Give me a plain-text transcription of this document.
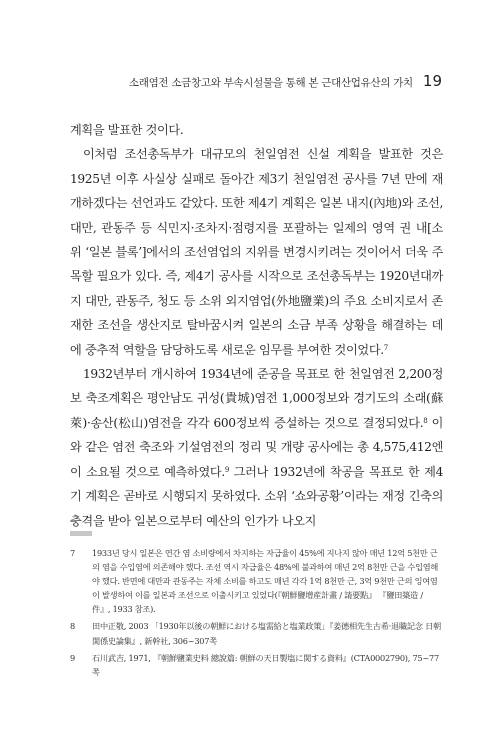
소래염전 소금창고와 부속시설물을 통해 본 근대산업유산의 가치 19

계획을 발표한 것이다.

이처럼 조선총독부가 대규모의 천일염전 신설 계획을 발표한 것은 1925년 이후 사실상 실패로 돌아간 제3기 천일염전 공사를 7년 만에 재개하겠다는 선언과도 같았다. 또한 제4기 계획은 일본 내지(內地)와 조선, 대만, 관동주 등 식민지·조차지·점령지를 포괄하는 일제의 영역 권 내[소위 ‘일본 블록’]에서의 조선염업의 지위를 변경시키려는 것이어서 더욱 주목할 필요가 있다. 즉, 제4기 공사를 시작으로 조선총독부는 1920년대까지 대만, 관동주, 청도 등 소위 외지염업(外地鹽業)의 주요 소비지로서 존재한 조선을 생산지로 탈바꿈시켜 일본의 소금 부족 상황을 해결하는 데에 중추적 역할을 담당하도록 새로운 임무를 부여한 것이었다.$^7$

1932년부터 개시하여 1934년에 준공을 목표로 한 천일염전 2,200정보 축조계획은 평안남도 귀성(貴城)염전 1,000정보와 경기도의 소래(蘇萊)·송산(松山)염전을 각각 600정보씩 증설하는 것으로 결정되었다.$^8$ 이와 같은 염전 축조와 기설염전의 정리 및 개량 공사에는 총 4,575,412엔이 소요될 것으로 예측하였다.$^9$ 그러나 1932년에 착공을 목표로 한 제4기 계획은 곧바로 시행되지 못하였다. 소위 ‘쇼와공황’이라는 재정 긴축의 충격을 받아 일본으로부터 예산의 인가가 나오지

7	1933년 당시 일본은 연간 염 소비량에서 차지하는 자급율이 45%에 지나지 않아 매년 12억 5천만 근의 염을 수입염에 의존해야 했다. 조선 역시 자급율은 48%에 불과하여 매년 2억 8천만 근을 수입염해야 했다. 반면에 대만과 관동주는 자체 소비를 하고도 매년 각각 1억 8천만 근, 3억 9천만 근의 잉여염이 발생하여 이를 일본과 조선으로 이출시키고 있었다(『朝鮮鹽增産計畫 / 請要點』 『鹽田築造 / 件』, 1933 참조).
8	田中正敬, 2003 「1930年以後の朝鮮における塩需給と塩業政策」『姜德相先生古希·退職記念 日朝関係史論集』, 新幹社, 306~307쪽
9	石川武吉, 1971, 『朝鮮鹽業史料 總說篇: 朝鮮の天日製塩に関する資料』(CTA0002790), 75~77쪽
